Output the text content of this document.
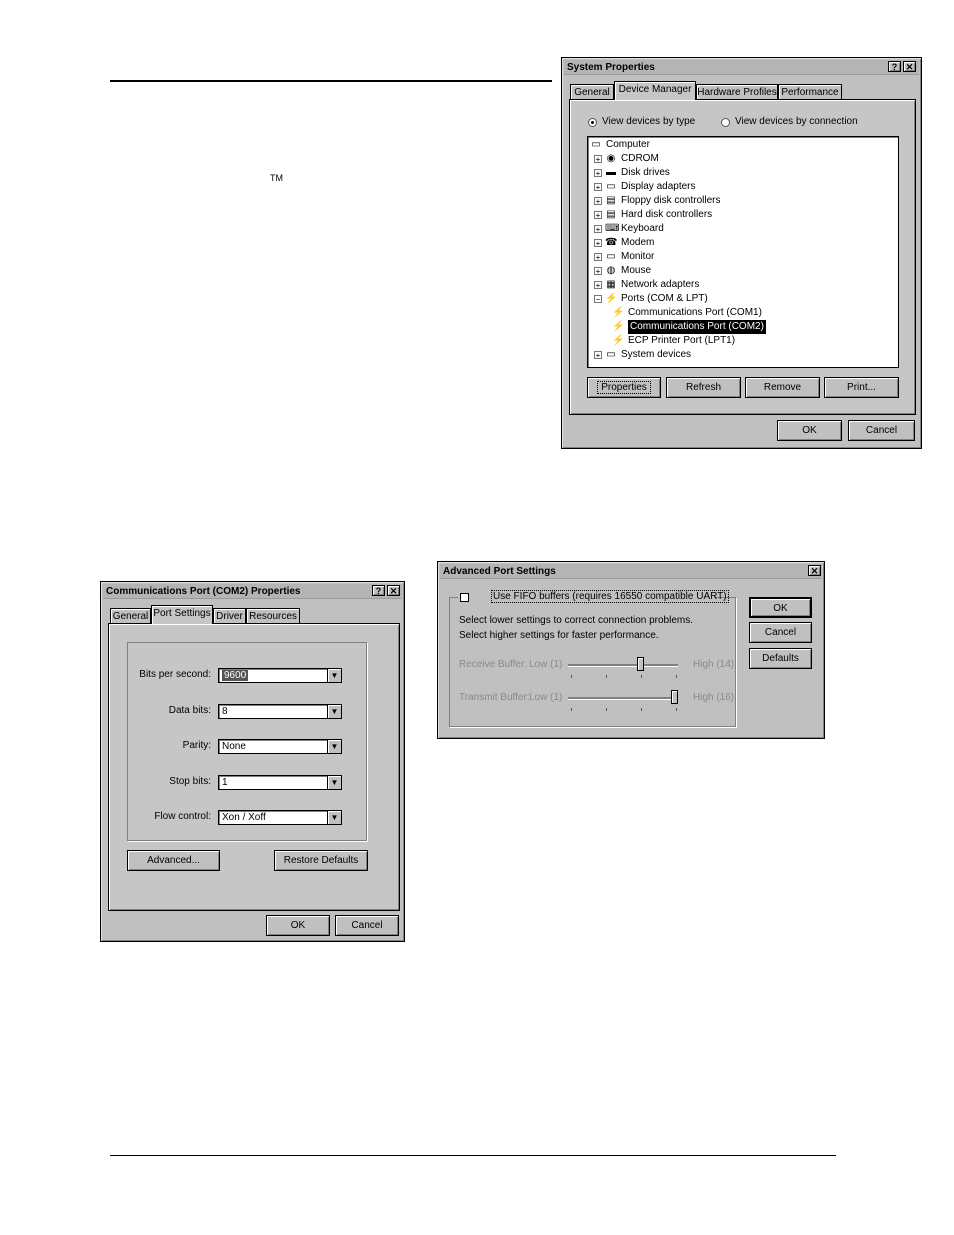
TM
System Properties	? ✕
General Device Manager Hardware Profiles Performance
View devices by type	View devices by connection
▭ Computer
+ ◉ CDROM
+ ▬ Disk drives
+ ▭ Display adapters
+ ▤ Floppy disk controllers
+ ▤ Hard disk controllers
+ ⌨ Keyboard
+ ☎ Modem
+ ▭ Monitor
+ ◍ Mouse
+ ▦ Network adapters
− ⚡ Ports (COM & LPT)
⚡ Communications Port (COM1)
⚡ Communications Port (COM2)
⚡ ECP Printer Port (LPT1)
+ ▭ System devices
Properties	Refresh	Remove	Print...
OK	Cancel
Communications Port (COM2) Properties	? ✕
General Port Settings Driver Resources
Bits per second:	9600	▼
Data bits:	8	▼
Parity:	None	▼
Stop bits:	1	▼
Flow control:	Xon / Xoff	▼
Advanced...	Restore Defaults
OK	Cancel
Advanced Port Settings	✕
Use FIFO buffers (requires 16550 compatible UART)
Select lower settings to correct connection problems.
Select higher settings for faster performance.
Receive Buffer: Low (1)	High (14)
Transmit Buffer: Low (1)	High (16)
OK
Cancel
Defaults
